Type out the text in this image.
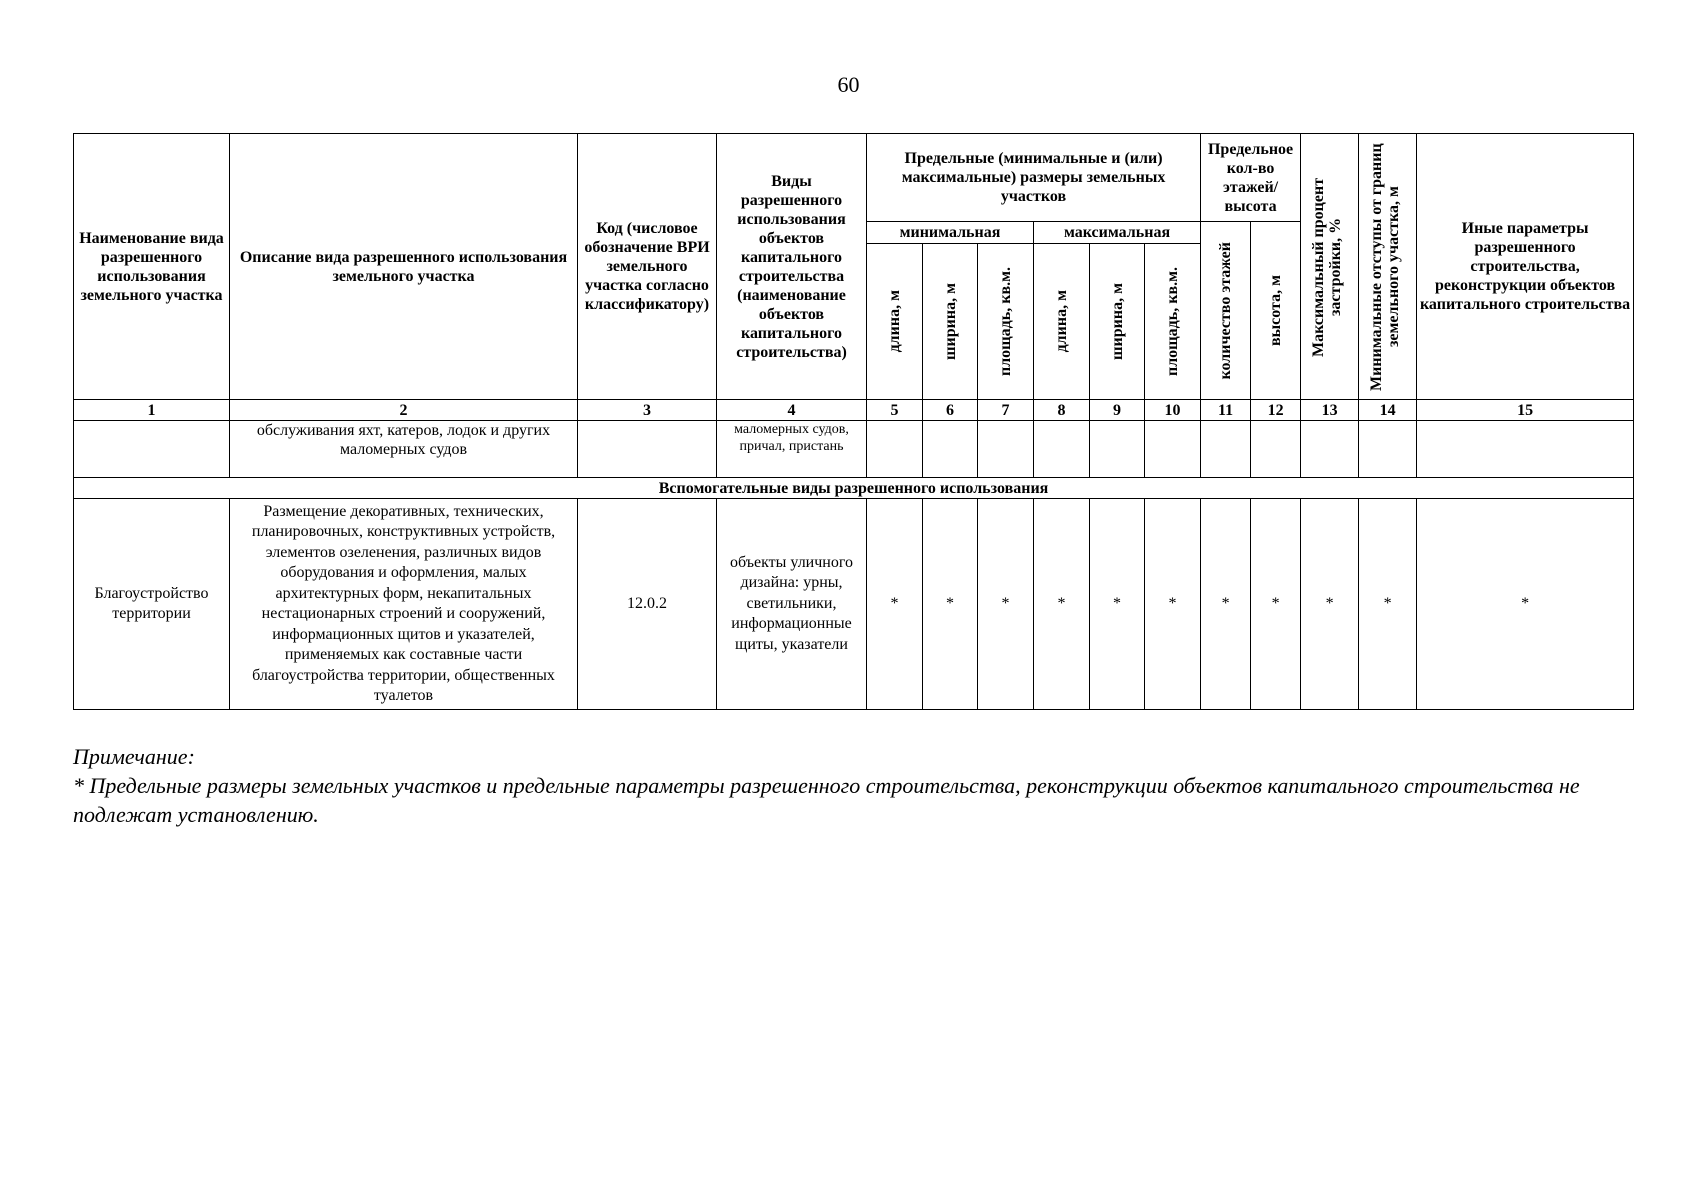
60
Наименование вида разрешенного использования земельного участка	Описание вида разрешенного использования земельного участка	Код (числовое обозначение ВРИ земельного участка согласно классификатору)	Виды разрешенного использования объектов капитального строительства (наименование объектов капитального строительства)	Предельные (минимальные и (или) максимальные) размеры земельных участков						Предельное кол-во этажей/ высота		Максимальный процент застройки, %	Минимальные отступы от границ земельного участка, м	Иные параметры разрешенного строительства, реконструкции объектов капитального строительства
				минимальная			максимальная			количество этажей	высота, м			

				длина, м	ширина, м	площадь, кв.м.	длина, м	ширина, м	площадь, кв.м.					

1	2	3	4	5	6	7	8	9	10	11	12	13	14	15
	обслуживания яхт, катеров, лодок и других маломерных судов		маломерных судов, причал, пристань											
Вспомогательные виды разрешенного использования														
Благоустройство территории	Размещение декоративных, технических, планировочных, конструктивных устройств, элементов озеленения, различных видов оборудования и оформления, малых архитектурных форм, некапитальных нестационарных строений и сооружений, информационных щитов и указателей, применяемых как составные части благоустройства территории, общественных туалетов	12.0.2	объекты уличного дизайна: урны, светильники, информационные щиты, указатели	*	*	*	*	*	*	*	*	*	*	*
Примечание:
* Предельные размеры земельных участков и предельные параметры разрешенного строительства, реконструкции объектов капитального строительства не подлежат установлению.
